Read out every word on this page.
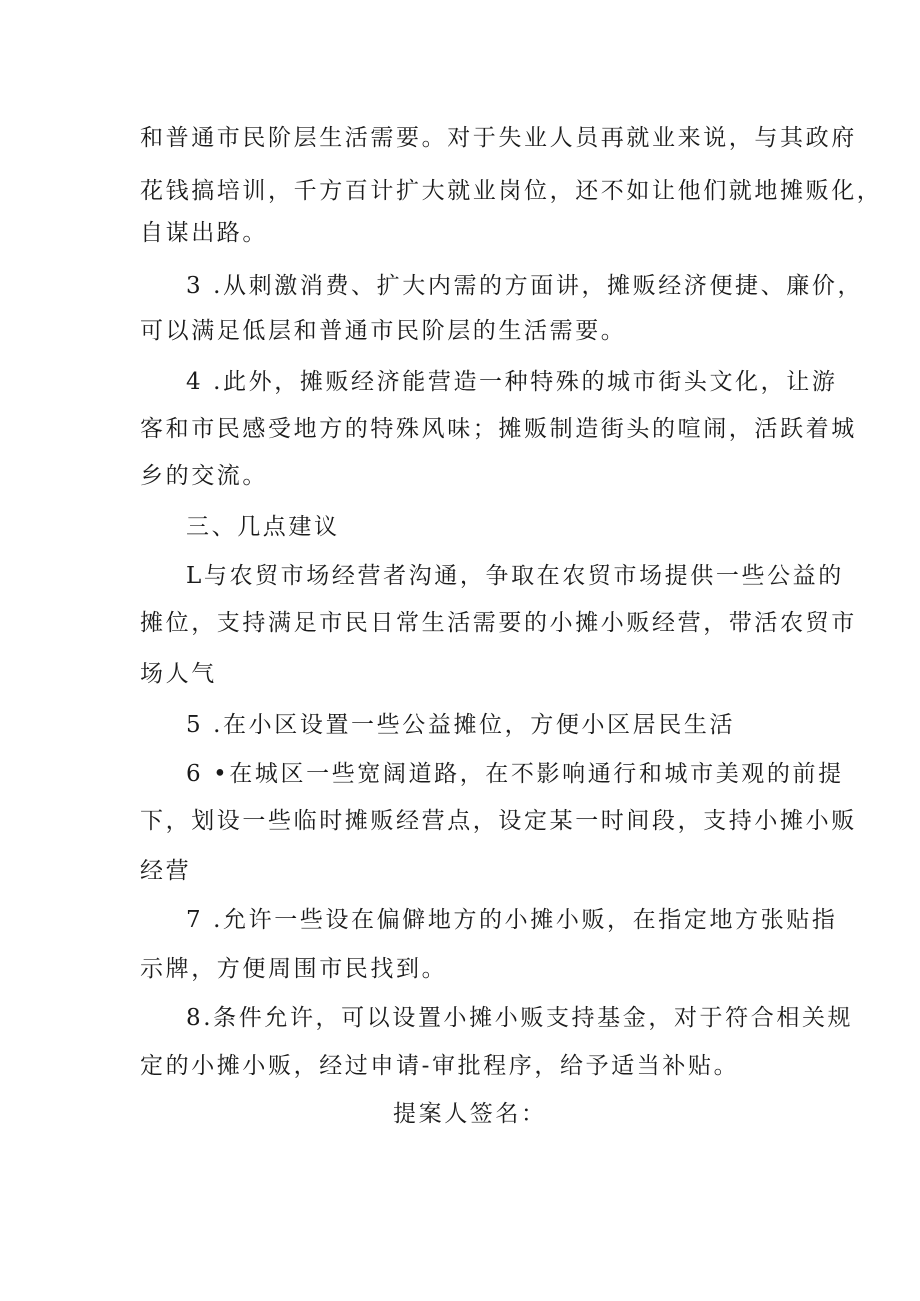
和普通市民阶层生活需要。对于失业人员再就业来说，与其政府
花钱搞培训，千方百计扩大就业岗位，还不如让他们就地摊贩化，
自谋出路。
3 .从刺激消费、扩大内需的方面讲，摊贩经济便捷、廉价，
可以满足低层和普通市民阶层的生活需要。
4 .此外，摊贩经济能营造一种特殊的城市街头文化，让游
客和市民感受地方的特殊风味；摊贩制造街头的喧闹，活跃着城
乡的交流。
三、几点建议
L与农贸市场经营者沟通，争取在农贸市场提供一些公益的
摊位，支持满足市民日常生活需要的小摊小贩经营，带活农贸市
场人气
5 .在小区设置一些公益摊位，方便小区居民生活
6 •在城区一些宽阔道路，在不影响通行和城市美观的前提
下，划设一些临时摊贩经营点，设定某一时间段，支持小摊小贩
经营
7 .允许一些设在偏僻地方的小摊小贩，在指定地方张贴指
示牌，方便周围市民找到。
8.条件允许，可以设置小摊小贩支持基金，对于符合相关规
定的小摊小贩，经过申请-审批程序，给予适当补贴。
提案人签名：
